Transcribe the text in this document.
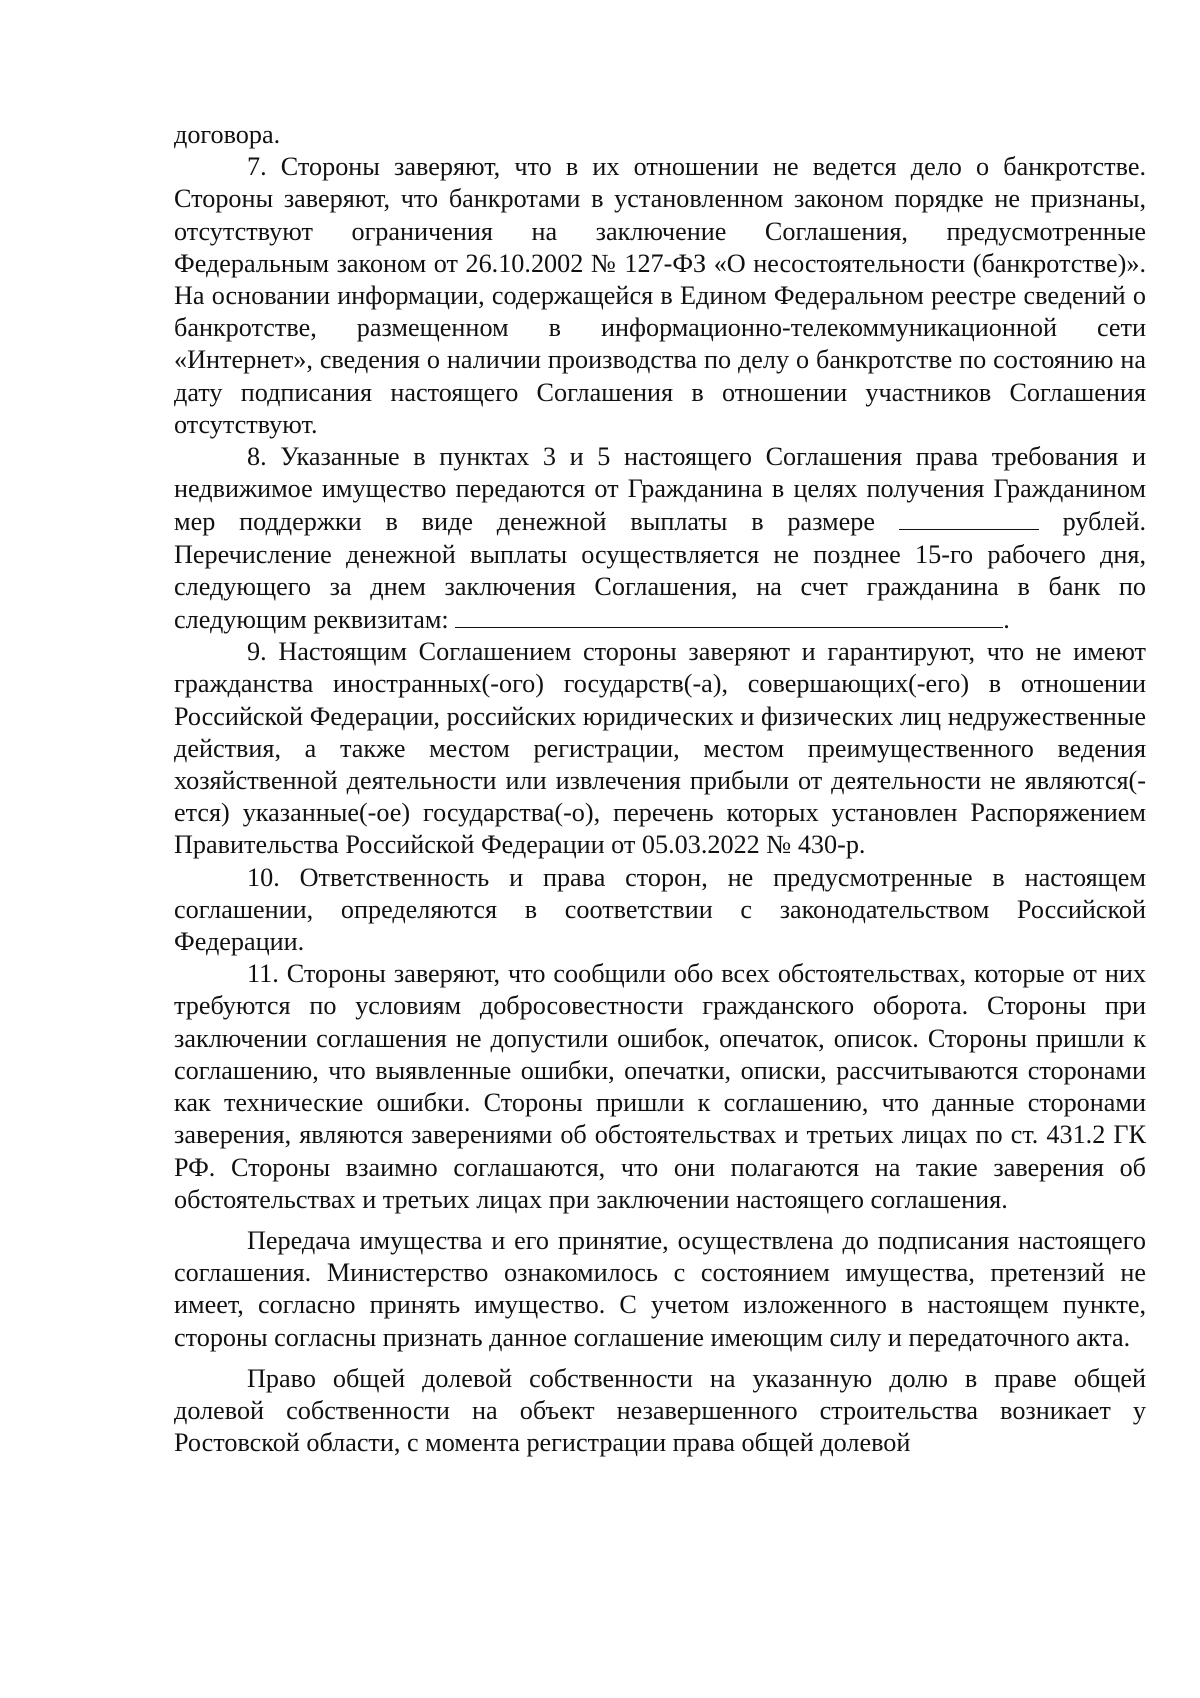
договора.

7. Стороны заверяют, что в их отношении не ведется дело о банкротстве. Стороны заверяют, что банкротами в установленном законом порядке не признаны, отсутствуют ограничения на заключение Соглашения, предусмотренные Федеральным законом от 26.10.2002 № 127-ФЗ «О несостоятельности (банкротстве)». На основании информации, содержащейся в Едином Федеральном реестре сведений о банкротстве, размещенном в информационно-телекоммуникационной сети «Интернет», сведения о наличии производства по делу о банкротстве по состоянию на дату подписания настоящего Соглашения в отношении участников Соглашения отсутствуют.

8. Указанные в пунктах 3 и 5 настоящего Соглашения права требования и недвижимое имущество передаются от Гражданина в целях получения Гражданином мер поддержки в виде денежной выплаты в размере	рублей. Перечисление денежной выплаты осуществляется не позднее 15-го рабочего дня, следующего за днем заключения Соглашения, на счет гражданина в банк по следующим реквизитам:	.

9. Настоящим Соглашением стороны заверяют и гарантируют, что не имеют гражданства иностранных(-ого) государств(-а), совершающих(-его) в отношении Российской Федерации, российских юридических и физических лиц недружественные действия, а также местом регистрации, местом преимущественного ведения хозяйственной деятельности или извлечения прибыли от деятельности не являются(-ется) указанные(-ое) государства(-о), перечень которых установлен Распоряжением Правительства Российской Федерации от 05.03.2022 № 430-р.

10. Ответственность и права сторон, не предусмотренные в настоящем соглашении, определяются в соответствии с законодательством Российской Федерации.

11. Стороны заверяют, что сообщили обо всех обстоятельствах, которые от них требуются по условиям добросовестности гражданского оборота. Стороны при заключении соглашения не допустили ошибок, опечаток, описок. Стороны пришли к соглашению, что выявленные ошибки, опечатки, описки, рассчитываются сторонами как технические ошибки. Стороны пришли к соглашению, что данные сторонами заверения, являются заверениями об обстоятельствах и третьих лицах по ст. 431.2 ГК РФ. Стороны взаимно соглашаются, что они полагаются на такие заверения об обстоятельствах и третьих лицах при заключении настоящего соглашения.

Передача имущества и его принятие, осуществлена до подписания настоящего соглашения. Министерство ознакомилось с состоянием имущества, претензий не имеет, согласно принять имущество. С учетом изложенного в настоящем пункте, стороны согласны признать данное соглашение имеющим силу и передаточного акта.

Право общей долевой собственности на указанную долю в праве общей долевой собственности на объект незавершенного строительства возникает у Ростовской области, с момента регистрации права общей долевой
